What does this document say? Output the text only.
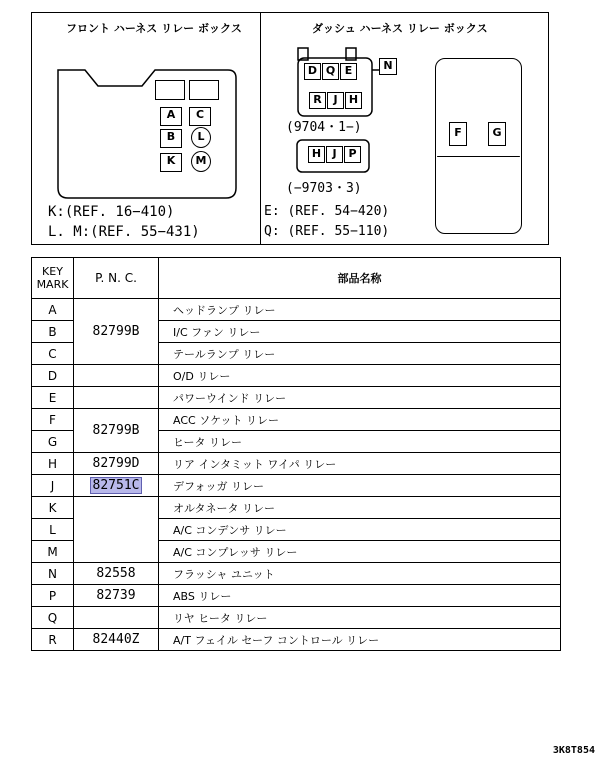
フロント ハーネス リレー ボックス
A	C
B	L
K	M
K:(REF. 16−410)
L. M:(REF. 55−431)
ダッシュ ハーネス リレー ボックス
D Q E	N
R	J	H
(9704・1−)
H	J	P
(−9703・3)
F	G
E: (REF. 54−420)
Q: (REF. 55−110)
KEY
MARK	P. N. C.	部品名称
A	82799B	ヘッドランプ リレー
B		I/C ファン リレー
C		テールランプ リレー
D		O/D リレー
E		パワーウインド リレー
F	82799B	ACC ソケット リレー
G		ヒータ リレー
H	82799D	リア インタミット ワイパ リレー
J	82751C	デフォッガ リレー
K		オルタネータ リレー
L		A/C コンデンサ リレー
M		A/C コンプレッサ リレー
N	82558	フラッシャ ユニット
P	82739	ABS リレー
Q		リヤ ヒータ リレー
R	82440Z	A/T フェイル セーフ コントロール リレー
3K8T854
